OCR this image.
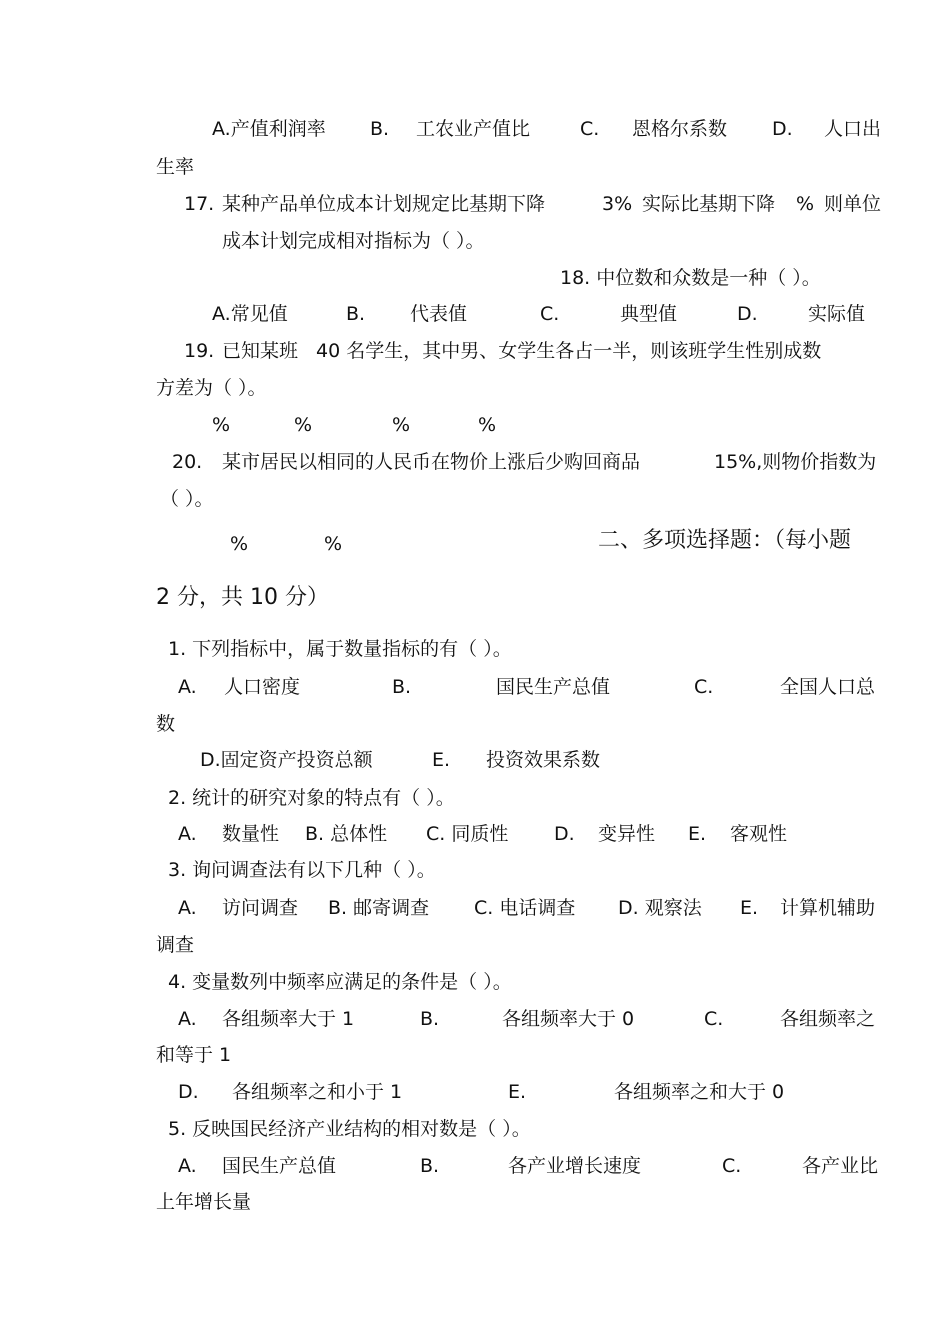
A.产值利润率 B. 工农业产值比	C. 恩格尔系数 D. 人口出
生率
17. 某种产品单位成本计划规定比基期下降	3% 实际比基期下降 % 则单位
成本计划完成相对指标为（ ）。
18. 中位数和众数是一种（ ）。
A.常见值	B. 代表值	C.	典型值	D.	实际值
19. 已知某班 40 名学生，其中男、女学生各占一半，则该班学生性别成数
方差为（ ）。
%	%	%	%
20. 某市居民以相同的人民币在物价上涨后少购回商品	15%,则物价指数为
（ ）。
%	%	二、多项选择题：（每小题
2 分，共 10 分）
1. 下列指标中，属于数量指标的有（ ）。
A. 人口密度	B.	国民生产总值	C.	全国人口总
数
D.固定资产投资总额	E. 投资效果系数
2. 统计的研究对象的特点有（ ）。
A. 数量性 B. 总体性 C. 同质性 D. 变异性 E. 客观性
3. 询问调查法有以下几种（ ）。
A. 访问调查 B. 邮寄调查 C. 电话调查 D. 观察法 E. 计算机辅助
调查
4. 变量数列中频率应满足的条件是（ ）。
A. 各组频率大于 1	B.	各组频率大于 0	C.	各组频率之
和等于 1
D. 各组频率之和小于 1	E.	各组频率之和大于 0
5. 反映国民经济产业结构的相对数是（ ）。
A. 国民生产总值	B.	各产业增长速度	C.	各产业比
上年增长量
